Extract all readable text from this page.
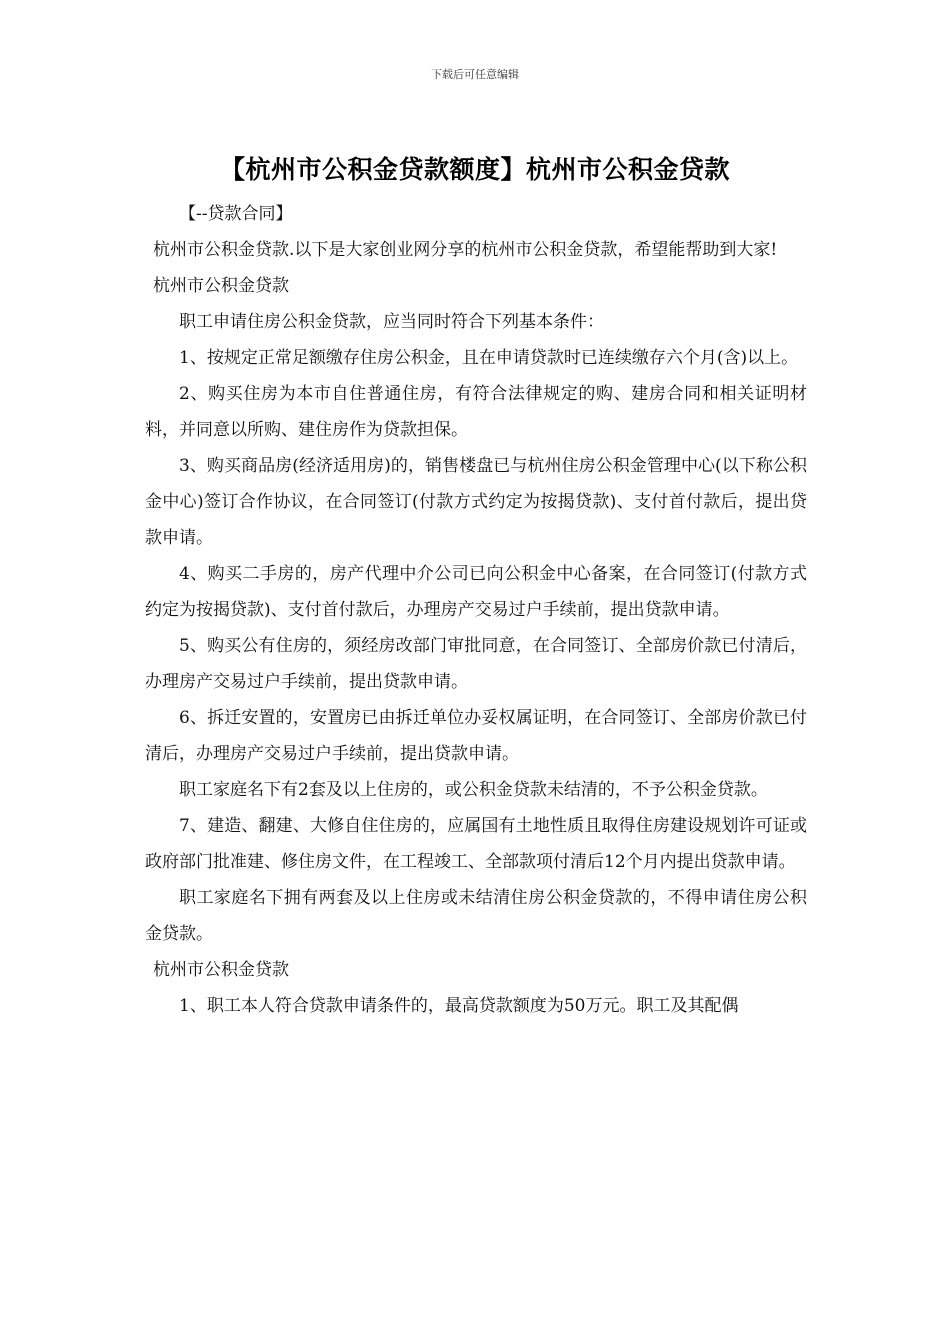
下载后可任意编辑
【杭州市公积金贷款额度】杭州市公积金贷款

【--贷款合同】

杭州市公积金贷款.以下是大家创业网分享的杭州市公积金贷款，希望能帮助到大家!

杭州市公积金贷款

职工申请住房公积金贷款，应当同时符合下列基本条件：

1、按规定正常足额缴存住房公积金，且在申请贷款时已连续缴存六个月(含)以上。

2、购买住房为本市自住普通住房，有符合法律规定的购、建房合同和相关证明材料，并同意以所购、建住房作为贷款担保。

3、购买商品房(经济适用房)的，销售楼盘已与杭州住房公积金管理中心(以下称公积金中心)签订合作协议，在合同签订(付款方式约定为按揭贷款)、支付首付款后，提出贷款申请。

4、购买二手房的，房产代理中介公司已向公积金中心备案，在合同签订(付款方式约定为按揭贷款)、支付首付款后，办理房产交易过户手续前，提出贷款申请。

5、购买公有住房的，须经房改部门审批同意，在合同签订、全部房价款已付清后，办理房产交易过户手续前，提出贷款申请。

6、拆迁安置的，安置房已由拆迁单位办妥权属证明，在合同签订、全部房价款已付清后，办理房产交易过户手续前，提出贷款申请。

职工家庭名下有2套及以上住房的，或公积金贷款未结清的，不予公积金贷款。

7、建造、翻建、大修自住住房的，应属国有土地性质且取得住房建设规划许可证或政府部门批准建、修住房文件，在工程竣工、全部款项付清后12个月内提出贷款申请。

职工家庭名下拥有两套及以上住房或未结清住房公积金贷款的，不得申请住房公积金贷款。

杭州市公积金贷款

1、职工本人符合贷款申请条件的，最高贷款额度为50万元。职工及其配偶
